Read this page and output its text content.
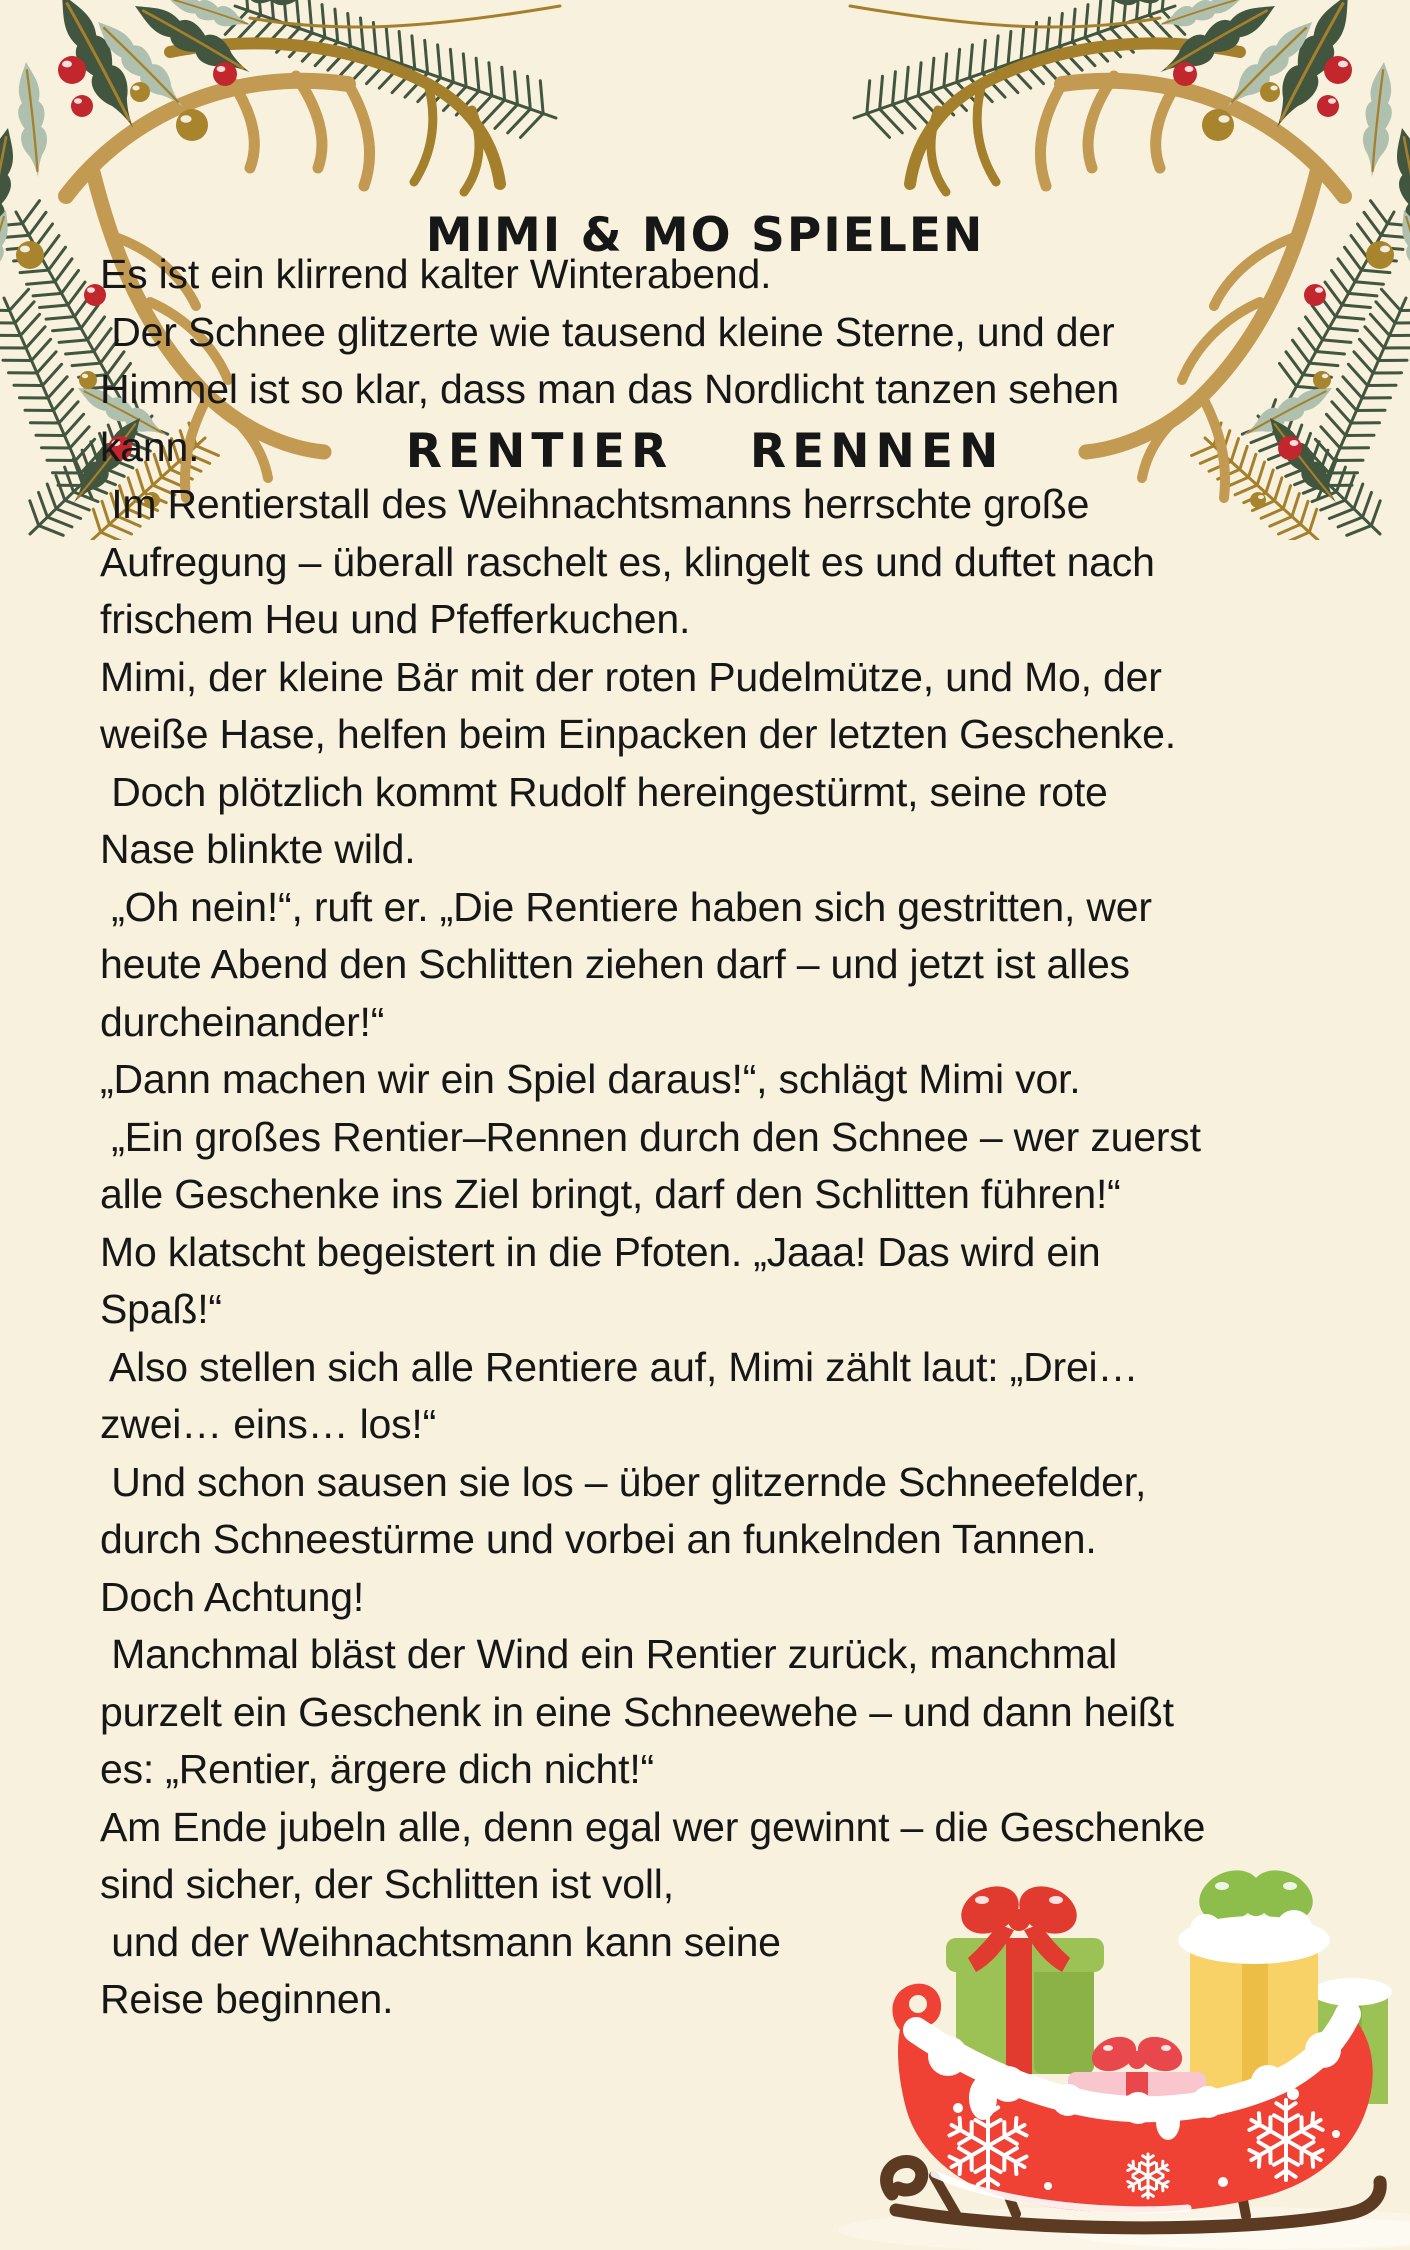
MIMI & MO SPIELEN

RENTIER  RENNEN

Es ist ein klirrend kalter Winterabend.
Der Schnee glitzerte wie tausend kleine Sterne, und der
Himmel ist so klar, dass man das Nordlicht tanzen sehen
kann.
Im Rentierstall des Weihnachtsmanns herrschte große
Aufregung – überall raschelt es, klingelt es und duftet nach
frischem Heu und Pfefferkuchen.
Mimi, der kleine Bär mit der roten Pudelmütze, und Mo, der
weiße Hase, helfen beim Einpacken der letzten Geschenke.
Doch plötzlich kommt Rudolf hereingestürmt, seine rote
Nase blinkte wild.
„Oh nein!“, ruft er. „Die Rentiere haben sich gestritten, wer
heute Abend den Schlitten ziehen darf – und jetzt ist alles
durcheinander!“
„Dann machen wir ein Spiel daraus!“, schlägt Mimi vor.
„Ein großes Rentier–Rennen durch den Schnee – wer zuerst
alle Geschenke ins Ziel bringt, darf den Schlitten führen!“
Mo klatscht begeistert in die Pfoten. „Jaaa! Das wird ein
Spaß!“
Also stellen sich alle Rentiere auf, Mimi zählt laut: „Drei…
zwei… eins… los!“
Und schon sausen sie los – über glitzernde Schneefelder,
durch Schneestürme und vorbei an funkelnden Tannen.
Doch Achtung!
Manchmal bläst der Wind ein Rentier zurück, manchmal
purzelt ein Geschenk in eine Schneewehe – und dann heißt
es: „Rentier, ärgere dich nicht!“
Am Ende jubeln alle, denn egal wer gewinnt – die Geschenke
sind sicher, der Schlitten ist voll,
und der Weihnachtsmann kann seine
Reise beginnen.
